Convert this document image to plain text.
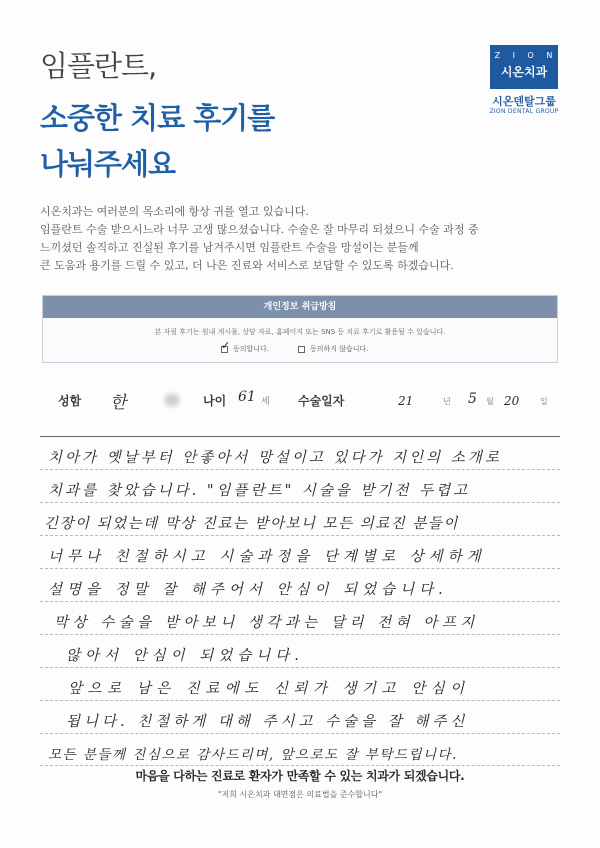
임플란트,
소중한 치료 후기를
나눠주세요
Z I O N
시온치과
시온덴탈그룹
ZION DENTAL GROUP
시온치과는 여러분의 목소리에 항상 귀를 열고 있습니다.
임플란트 수술 받으시느라 너무 고생 많으셨습니다. 수술은 잘 마무리 되셨으니 수술 과정 중
느끼셨던 솔직하고 진실된 후기를 남겨주시면 임플란트 수술을 망설이는 분들께
큰 도움과 용기를 드릴 수 있고, 더 나은 진료와 서비스로 보답할 수 있도록 하겠습니다.
개인정보 취급방침
본 자필 후기는 원내 게시물, 상담 자료, 홈페이지 또는 SNS 등 치료 후기로 활용될 수 있습니다.
✓
동의합니다.	동의하지 않습니다.
성함 한	나이 61 세 수술일자	21	년 5 월 20	일
치아가 옛날부터 안좋아서 망설이고 있다가 지인의 소개로
치과를 찾았습니다. "임플란트" 시술을 받기전 두렵고
긴장이 되었는데 막상 진료는 받아보니 모든 의료진 분들이
너무나 친절하시고 시술과정을 단계별로 상세하게
설명을 정말 잘 해주어서 안심이 되었습니다.
막상 수술을 받아보니 생각과는 달리 전혀 아프지
않아서 안심이 되었습니다.
앞으로 남은 진료에도 신뢰가 생기고 안심이
됩니다. 친절하게 대해 주시고 수술을 잘 해주신
모든 분들께 진심으로 감사드리며, 앞으로도 잘 부탁드립니다.
마음을 다하는 진료로 환자가 만족할 수 있는 치과가 되겠습니다.
"저희 시온치과 대면점은 의료법을 준수합니다"
